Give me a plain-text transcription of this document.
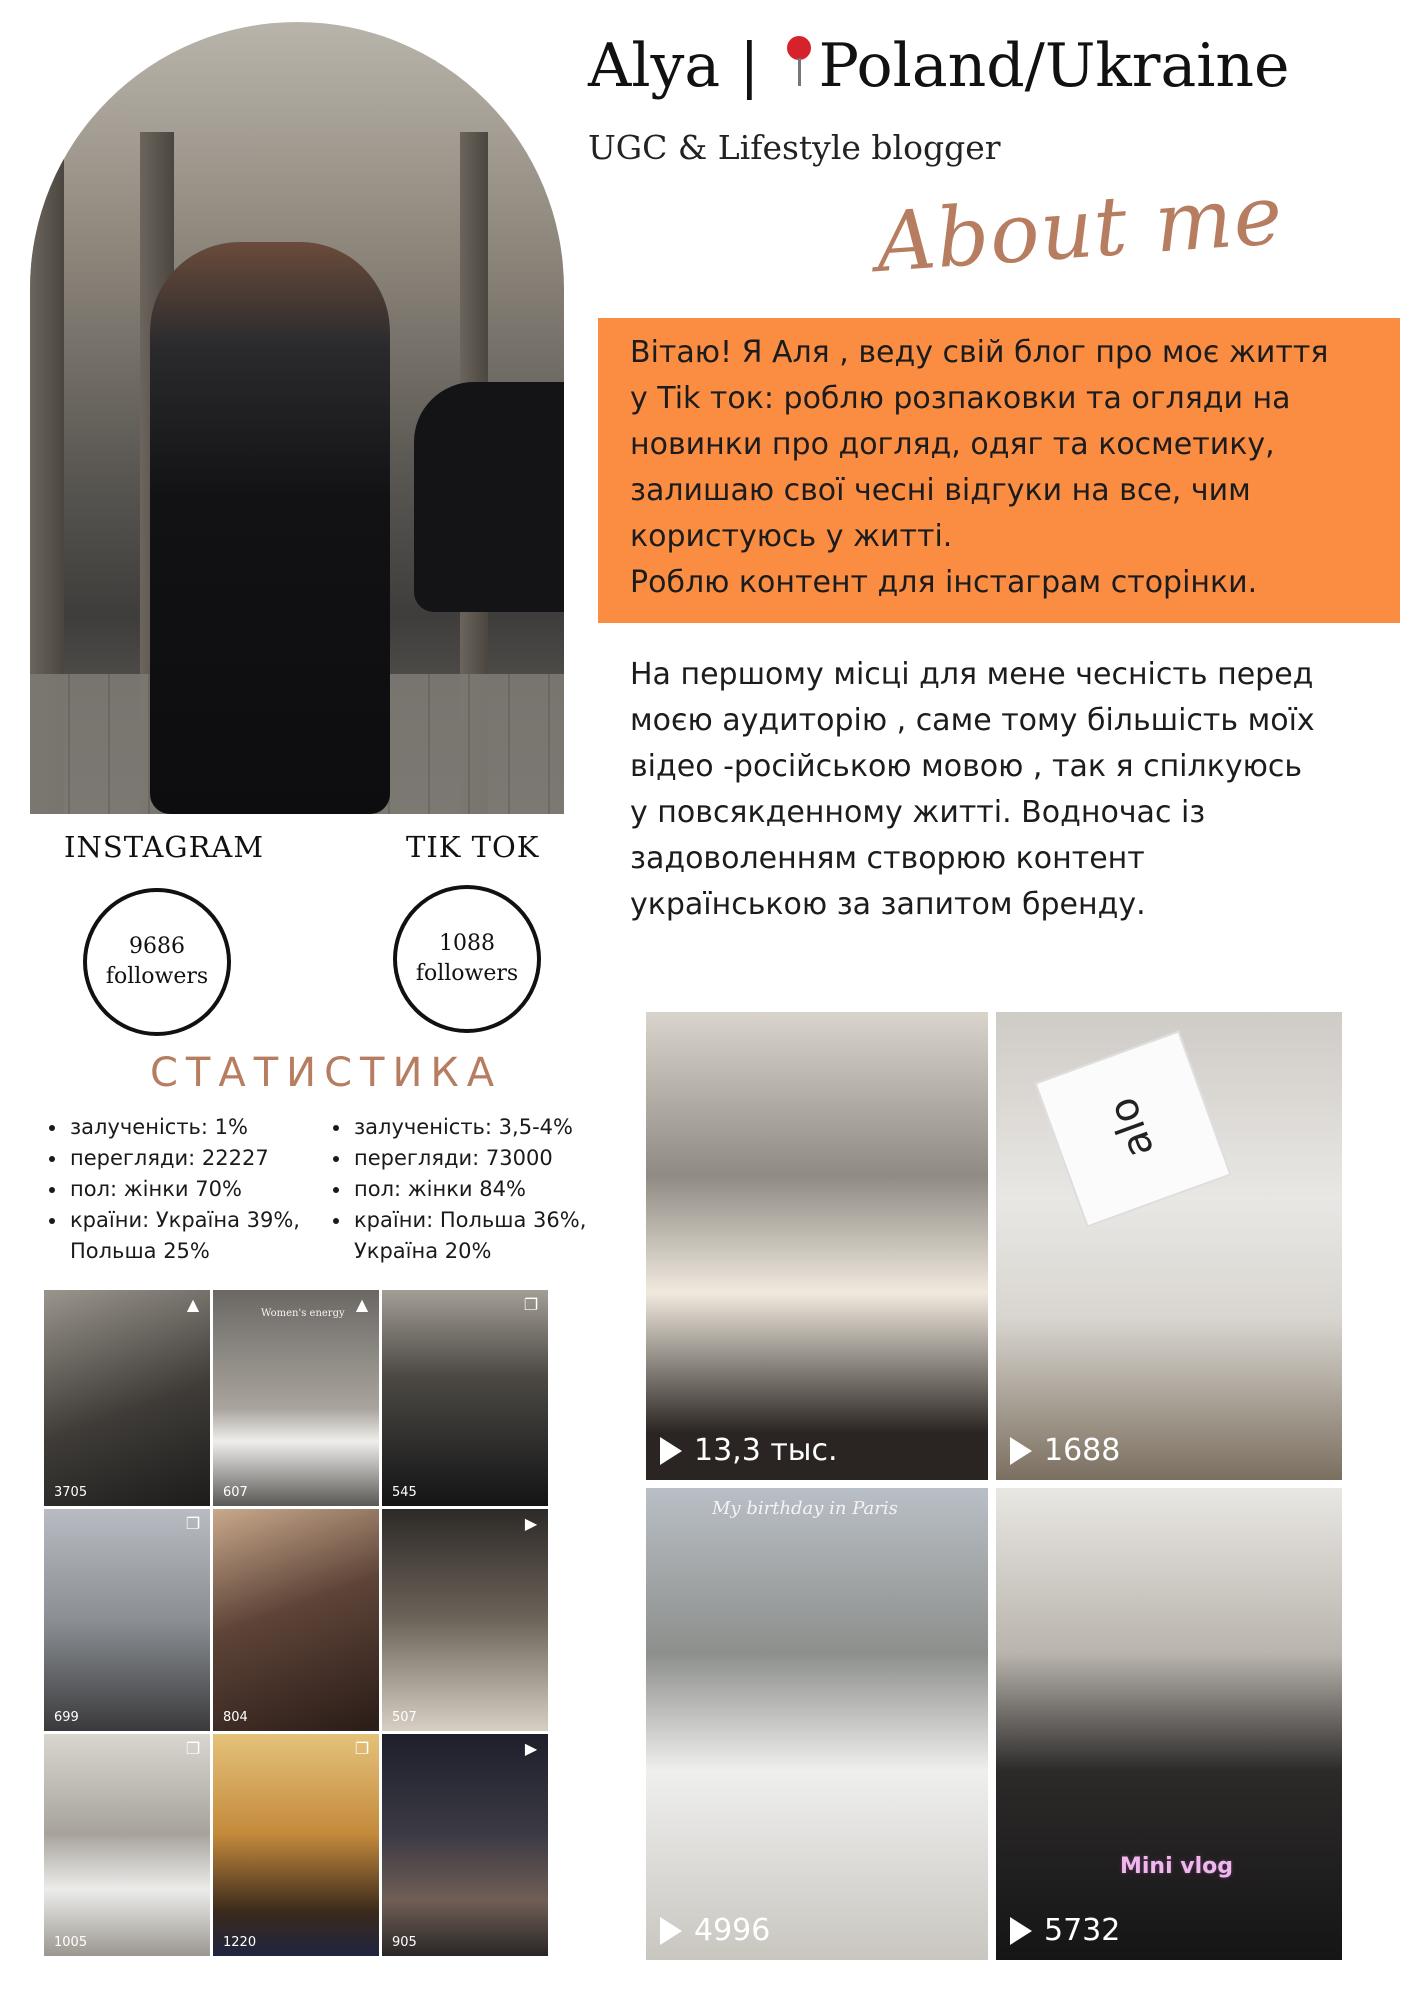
Alya | Poland/Ukraine
UGC & Lifestyle blogger
About me

Вітаю! Я Аля , веду свій блог про моє життя
у Tik ток: роблю розпаковки та огляди на
новинки про догляд, одяг та косметику,
залишаю свої чесні відгуки на все, чим
користуюсь у житті.
Роблю контент для інстаграм сторінки.

На першому місці для мене чесність перед
моєю аудиторію , саме тому більшість моїх
відео -російською мовою , так я спілкуюсь
у повсякденному житті. Водночас із
задоволенням створюю контент
українською за запитом бренду.
INSTAGRAM	TIK TOK
9686
followers
1088
followers
СТАТИСТИКА
• залученість: 1%
• перегляди: 22227
• пол: жінки 70%
• країни: Україна 39%, Польша 25%
• залученість: 3,5-4%
• перегляди: 73000
• пол: жінки 84%
• країни: Польша 36%, Україна 20%
▲
3705
Women's energy ▲
607
❐
545
❐
699	804
▶
507
❐
1005
❐
1220
▶
905
13,3 тыс.
alo
1688
My birthday in Paris
4996
Mini vlog
5732
